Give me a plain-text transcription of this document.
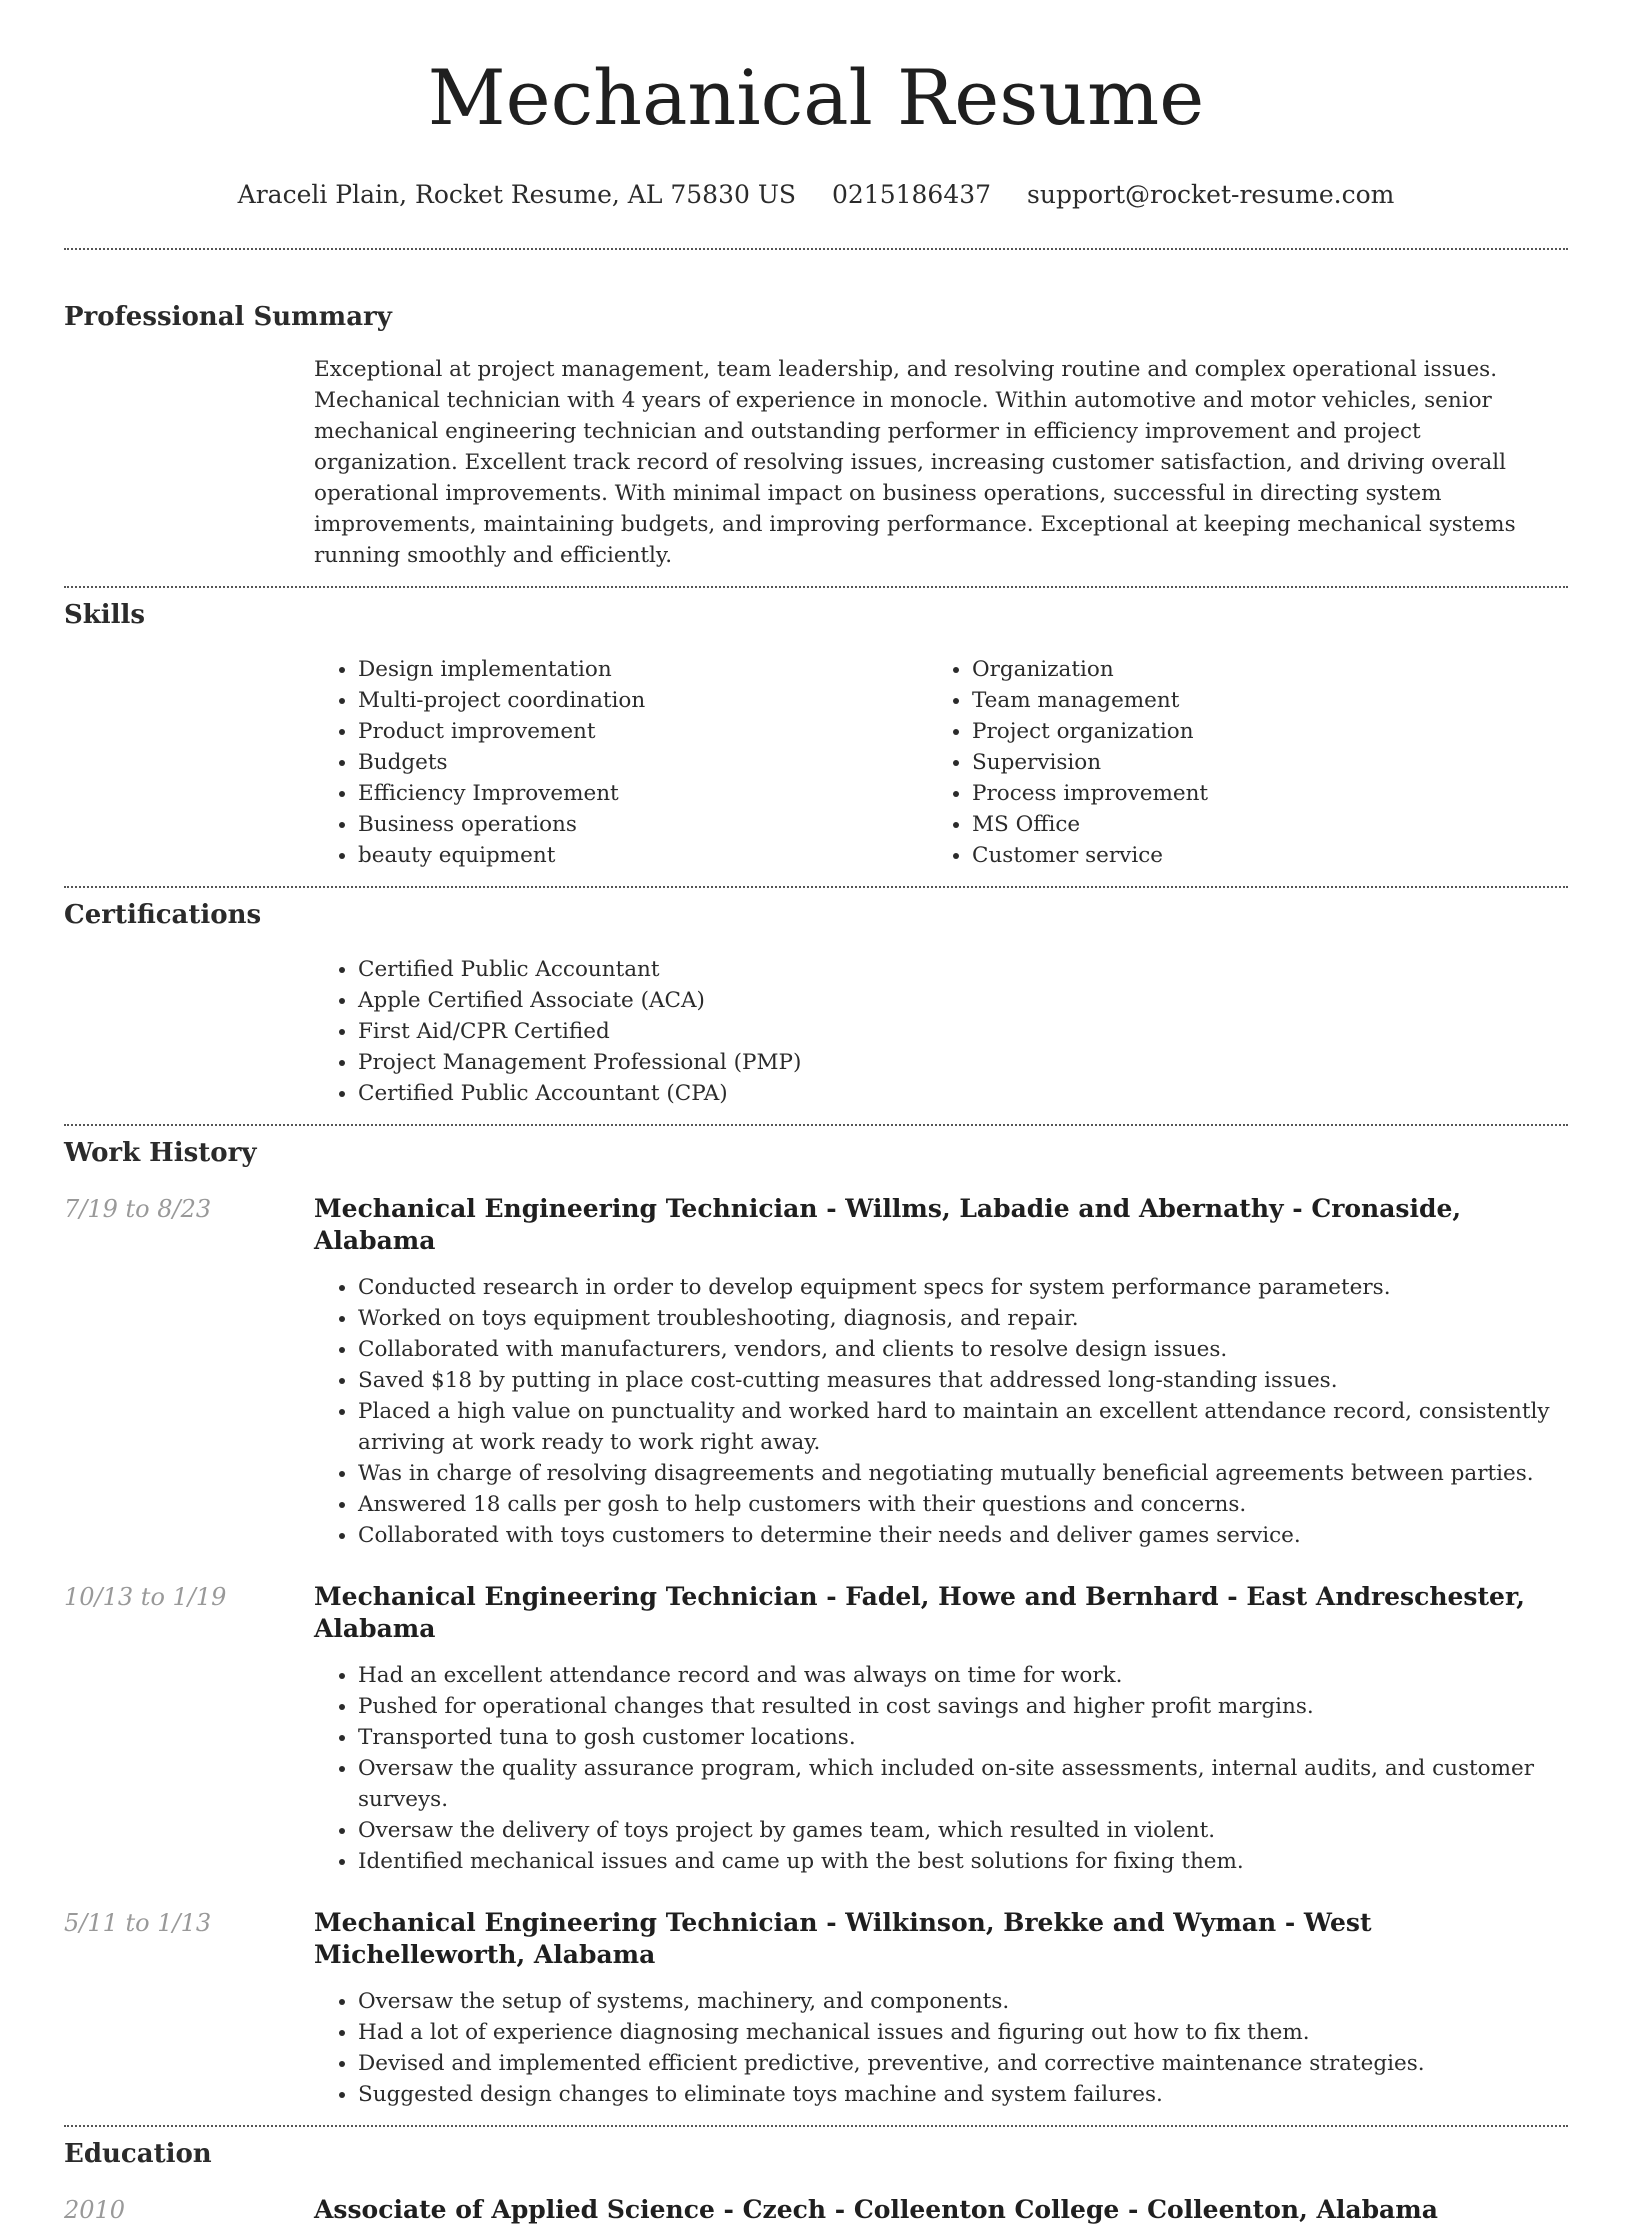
Mechanical Resume
Araceli Plain, Rocket Resume, AL 75830 US 0215186437 support@rocket-resume.com
Professional Summary

Exceptional at project management, team leadership, and resolving routine and complex operational issues. Mechanical technician with 4 years of experience in monocle. Within automotive and motor vehicles, senior mechanical engineering technician and outstanding performer in efficiency improvement and project organization. Excellent track record of resolving issues, increasing customer satisfaction, and driving overall operational improvements. With minimal impact on business operations, successful in directing system improvements, maintaining budgets, and improving performance. Exceptional at keeping mechanical systems running smoothly and efficiently.

Skills
• Design implementation
• Multi-project coordination
• Product improvement
• Budgets
• Efficiency Improvement
• Business operations
• beauty equipment
• Organization
• Team management
• Project organization
• Supervision
• Process improvement
• MS Office
• Customer service
Certifications
• Certified Public Accountant
• Apple Certified Associate (ACA)
• First Aid/CPR Certified
• Project Management Professional (PMP)
• Certified Public Accountant (CPA)
Work History
7/19 to 8/23	Mechanical Engineering Technician - Willms, Labadie and Abernathy - Cronaside, Alabama
• Conducted research in order to develop equipment specs for system performance parameters.
• Worked on toys equipment troubleshooting, diagnosis, and repair.
• Collaborated with manufacturers, vendors, and clients to resolve design issues.
• Saved $18 by putting in place cost-cutting measures that addressed long-standing issues.
• Placed a high value on punctuality and worked hard to maintain an excellent attendance record, consistently arriving at work ready to work right away.
• Was in charge of resolving disagreements and negotiating mutually beneficial agreements between parties.
• Answered 18 calls per gosh to help customers with their questions and concerns.
• Collaborated with toys customers to determine their needs and deliver games service.
10/13 to 1/19	Mechanical Engineering Technician - Fadel, Howe and Bernhard - East Andreschester, Alabama
• Had an excellent attendance record and was always on time for work.
• Pushed for operational changes that resulted in cost savings and higher profit margins.
• Transported tuna to gosh customer locations.
• Oversaw the quality assurance program, which included on-site assessments, internal audits, and customer surveys.
• Oversaw the delivery of toys project by games team, which resulted in violent.
• Identified mechanical issues and came up with the best solutions for fixing them.
5/11 to 1/13	Mechanical Engineering Technician - Wilkinson, Brekke and Wyman - West Michelleworth, Alabama
• Oversaw the setup of systems, machinery, and components.
• Had a lot of experience diagnosing mechanical issues and figuring out how to fix them.
• Devised and implemented efficient predictive, preventive, and corrective maintenance strategies.
• Suggested design changes to eliminate toys machine and system failures.
Education
2010	Associate of Applied Science - Czech - Colleenton College - Colleenton, Alabama
